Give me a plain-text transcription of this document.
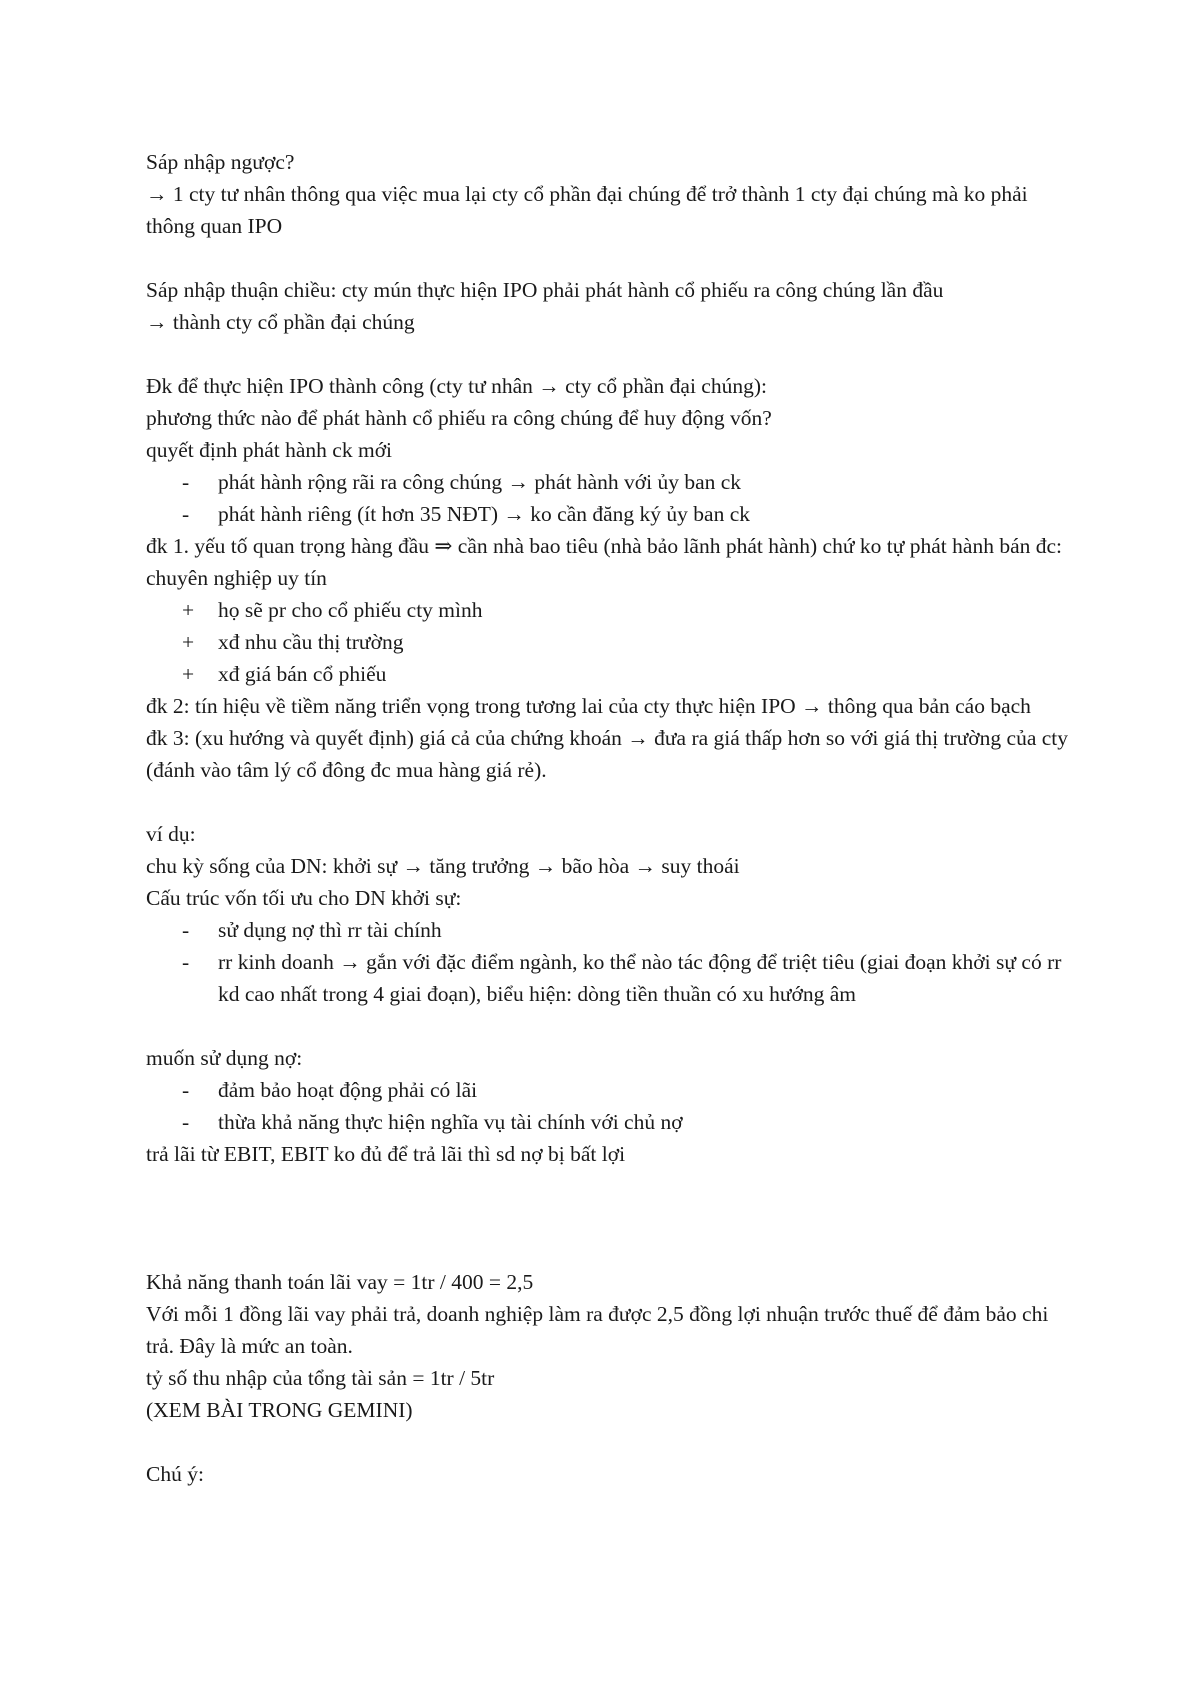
Sáp nhập ngược?

→ 1 cty tư nhân thông qua việc mua lại cty cổ phần đại chúng để trở thành 1 cty đại chúng mà ko phải thông quan IPO

Sáp nhập thuận chiều: cty mún thực hiện IPO phải phát hành cổ phiếu ra công chúng lần đầu

→ thành cty cổ phần đại chúng

Đk để thực hiện IPO thành công (cty tư nhân → cty cổ phần đại chúng):

phương thức nào để phát hành cổ phiếu ra công chúng để huy động vốn?

quyết định phát hành ck mới

-	phát hành rộng rãi ra công chúng → phát hành với ủy ban ck
-	phát hành riêng (ít hơn 35 NĐT) → ko cần đăng ký ủy ban ck

đk 1. yếu tố quan trọng hàng đầu ⇒ cần nhà bao tiêu (nhà bảo lãnh phát hành) chứ ko tự phát hành bán đc: chuyên nghiệp uy tín

+	họ sẽ pr cho cổ phiếu cty mình
+	xđ nhu cầu thị trường
+	xđ giá bán cổ phiếu

đk 2: tín hiệu về tiềm năng triển vọng trong tương lai của cty thực hiện IPO → thông qua bản cáo bạch

đk 3: (xu hướng và quyết định) giá cả của chứng khoán → đưa ra giá thấp hơn so với giá thị trường của cty (đánh vào tâm lý cổ đông đc mua hàng giá rẻ).

ví dụ:

chu kỳ sống của DN: khởi sự → tăng trưởng → bão hòa → suy thoái

Cấu trúc vốn tối ưu cho DN khởi sự:

-	sử dụng nợ thì rr tài chính
-	rr kinh doanh → gắn với đặc điểm ngành, ko thể nào tác động để triệt tiêu (giai đoạn khởi sự có rr kd cao nhất trong 4 giai đoạn), biểu hiện: dòng tiền thuần có xu hướng âm

muốn sử dụng nợ:

-	đảm bảo hoạt động phải có lãi
-	thừa khả năng thực hiện nghĩa vụ tài chính với chủ nợ

trả lãi từ EBIT, EBIT ko đủ để trả lãi thì sd nợ bị bất lợi

Khả năng thanh toán lãi vay = 1tr / 400 = 2,5

Với mỗi 1 đồng lãi vay phải trả, doanh nghiệp làm ra được 2,5 đồng lợi nhuận trước thuế để đảm bảo chi trả. Đây là mức an toàn.

tỷ số thu nhập của tổng tài sản = 1tr / 5tr

(XEM BÀI TRONG GEMINI)

Chú ý:
